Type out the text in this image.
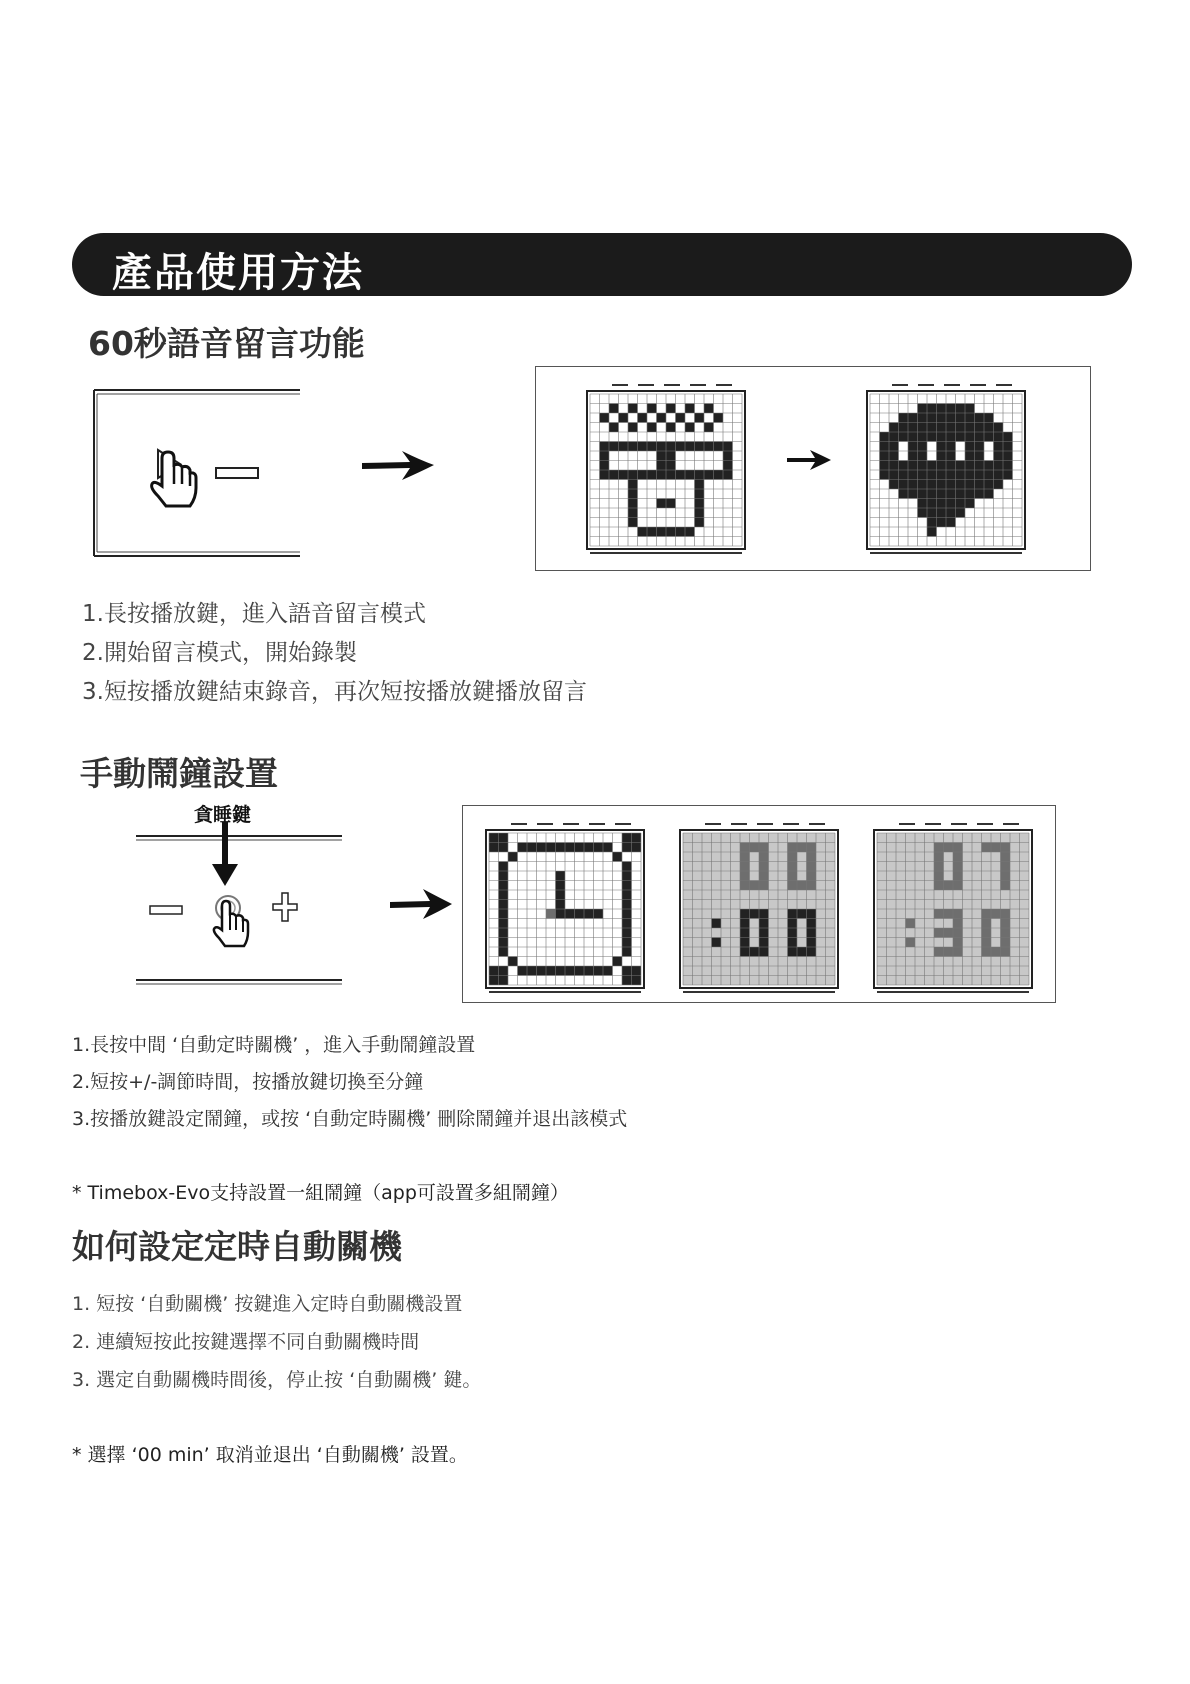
產品使用方法
60秒語音留言功能

1.長按播放鍵，進入語音留言模式

2.開始留言模式，開始錄製

3.短按播放鍵結束錄音，再次短按播放鍵播放留言

手動鬧鐘設置

貪睡鍵

1.長按中間 ‘自動定時關機’ ，進入手動鬧鐘設置

2.短按+/-調節時間，按播放鍵切換至分鐘

3.按播放鍵設定鬧鐘，或按 ‘自動定時關機’ 刪除鬧鐘并退出該模式

* Timebox-Evo支持設置一組鬧鐘（app可設置多組鬧鐘）

如何設定定時自動關機

1. 短按 ‘自動關機’ 按鍵進入定時自動關機設置

2. 連續短按此按鍵選擇不同自動關機時間

3. 選定自動關機時間後，停止按 ‘自動關機’ 鍵。

* 選擇 ‘00 min’ 取消並退出 ‘自動關機’ 設置。
